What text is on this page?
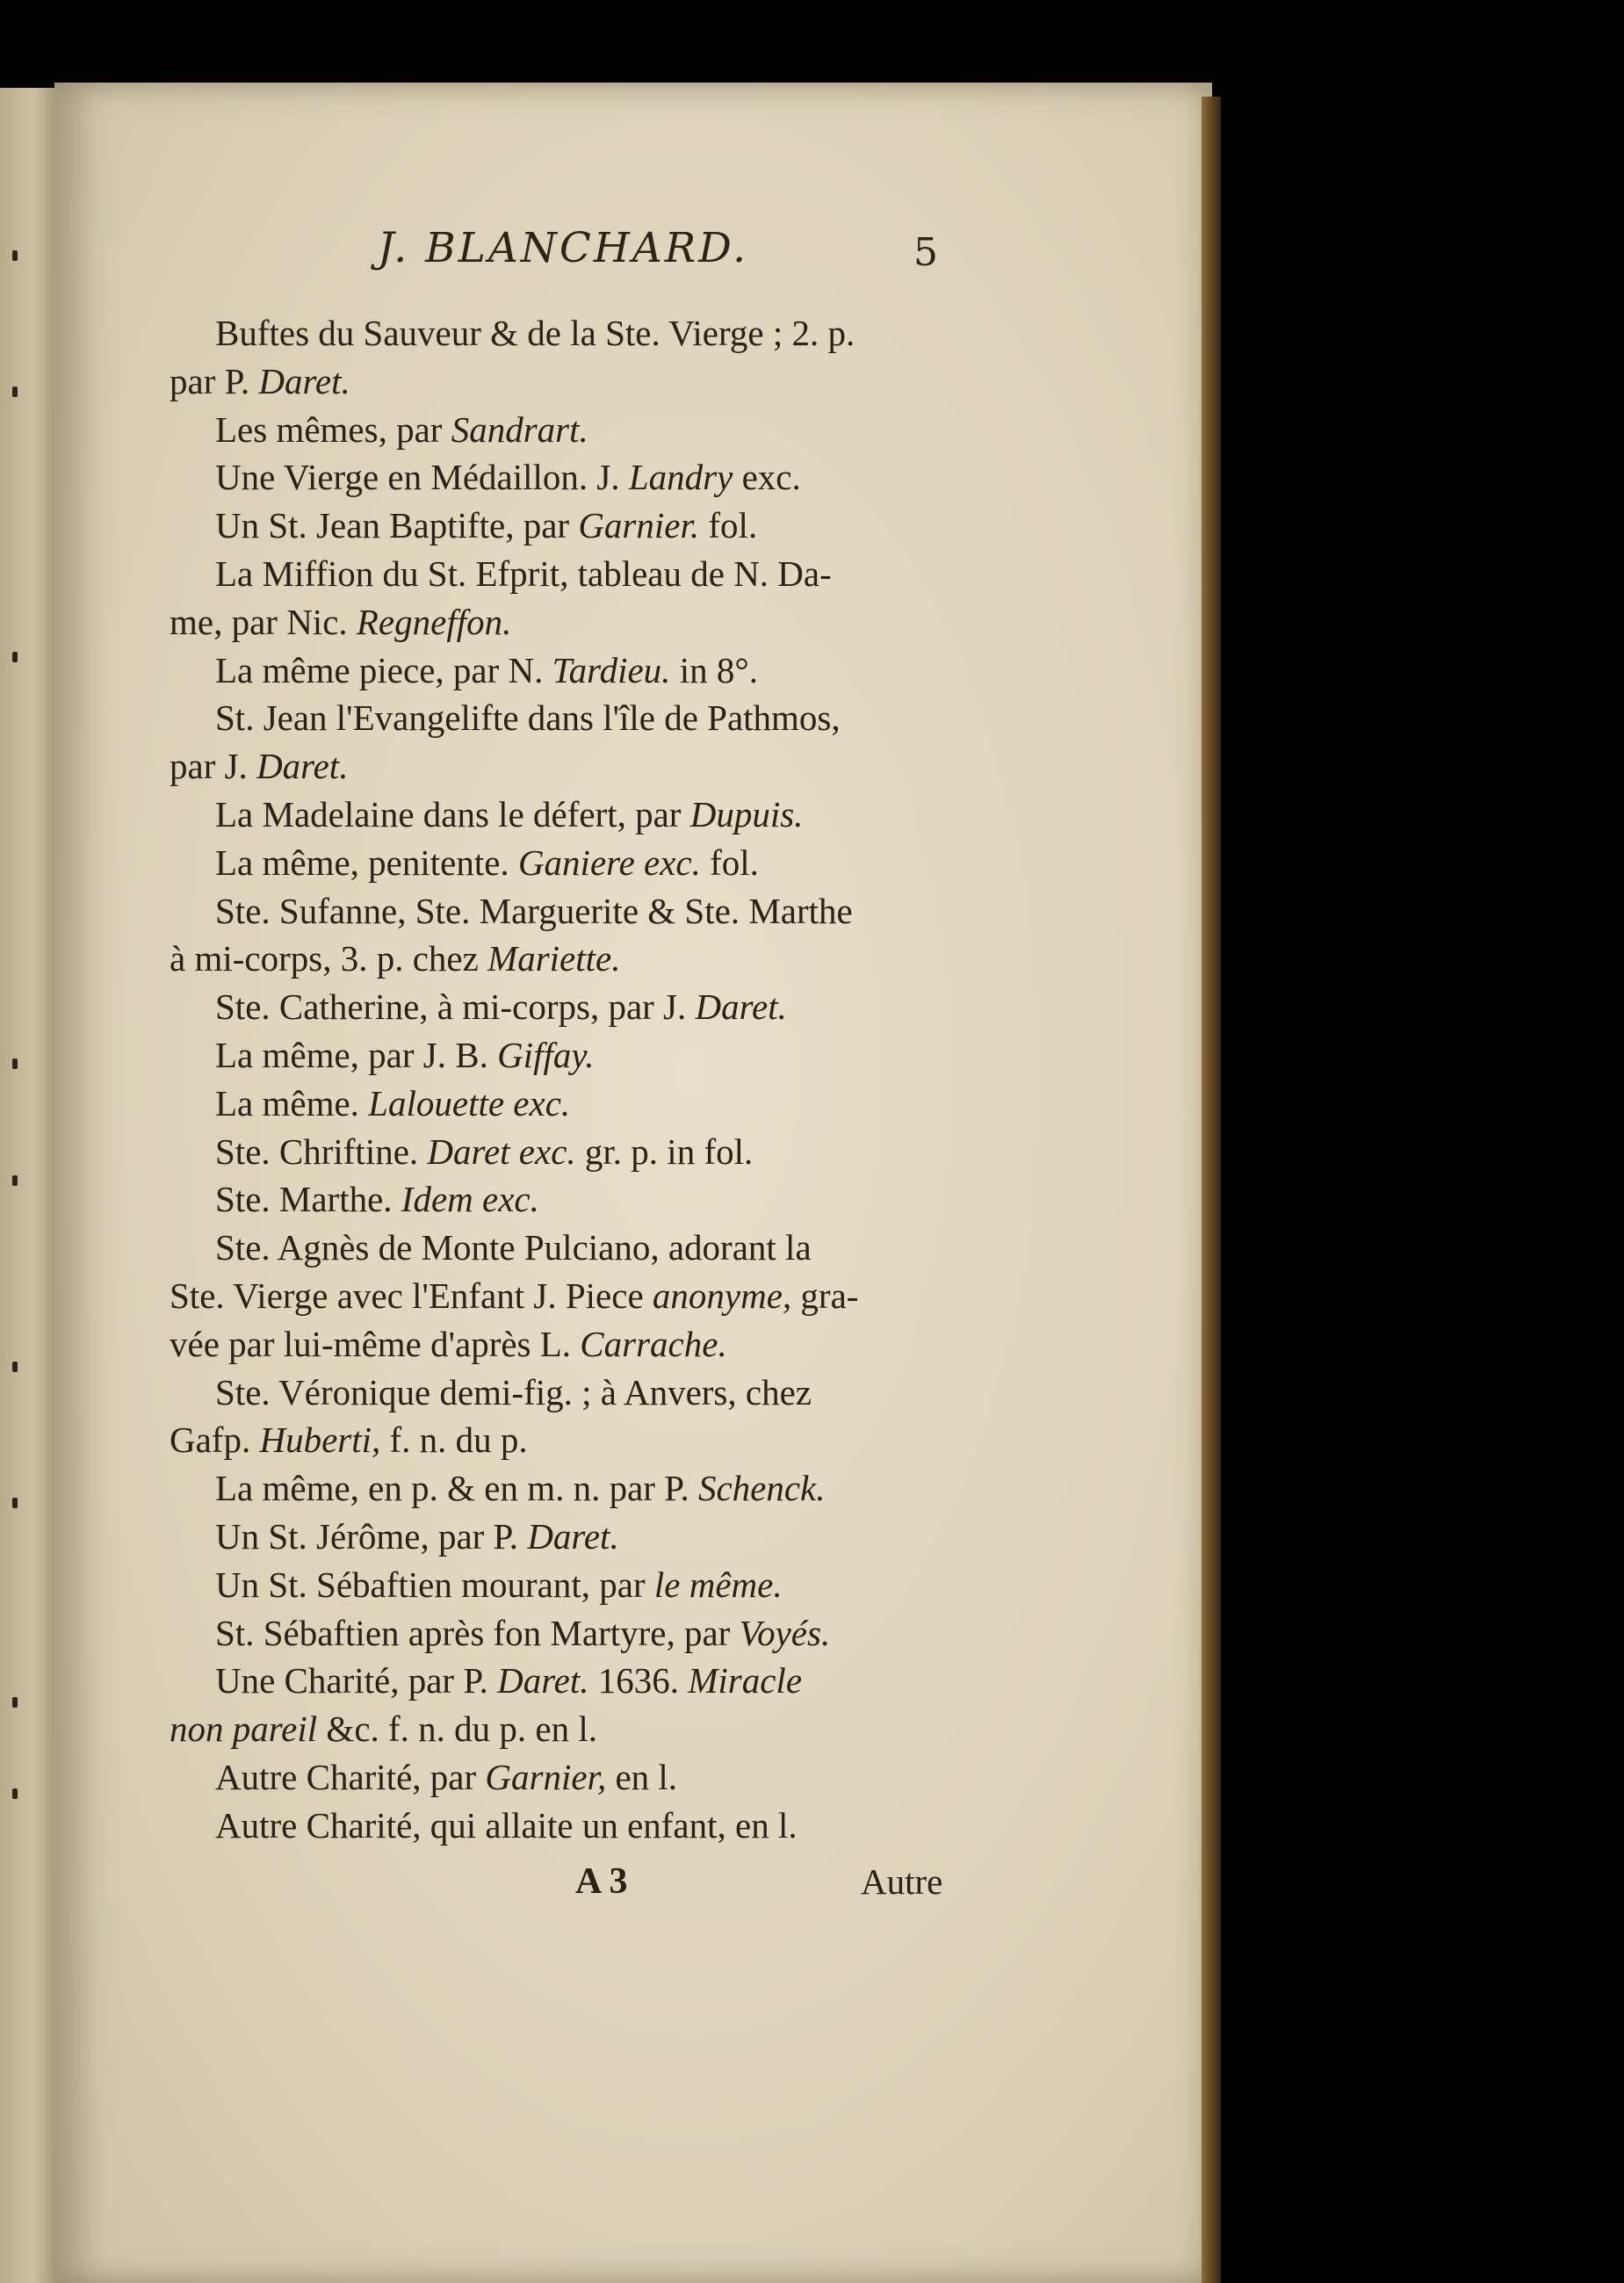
J. BLANCHARD.	5
Buftes du Sauveur & de la Ste. Vierge ; 2. p.
par P. Daret.
Les mêmes, par Sandrart.
Une Vierge en Médaillon. J. Landry exc.
Un St. Jean Baptifte, par Garnier. fol.
La Miffion du St. Efprit, tableau de N. Da-
me, par Nic. Regneffon.
La même piece, par N. Tardieu. in 8°.
St. Jean l'Evangelifte dans l'île de Pathmos,
par J. Daret.
La Madelaine dans le défert, par Dupuis.
La même, penitente. Ganiere exc. fol.
Ste. Sufanne, Ste. Marguerite & Ste. Marthe
à mi-corps, 3. p. chez Mariette.
Ste. Catherine, à mi-corps, par J. Daret.
La même, par J. B. Giffay.
La même. Lalouette exc.
Ste. Chriftine. Daret exc. gr. p. in fol.
Ste. Marthe. Idem exc.
Ste. Agnès de Monte Pulciano, adorant la
Ste. Vierge avec l'Enfant J. Piece anonyme, gra-
vée par lui-même d'après L. Carrache.
Ste. Véronique demi-fig. ; à Anvers, chez
Gafp. Huberti, f. n. du p.
La même, en p. & en m. n. par P. Schenck.
Un St. Jérôme, par P. Daret.
Un St. Sébaftien mourant, par le même.
St. Sébaftien après fon Martyre, par Voyés.
Une Charité, par P. Daret. 1636. Miracle
non pareil &c. f. n. du p. en l.
Autre Charité, par Garnier, en l.
Autre Charité, qui allaite un enfant, en l.
A 3	Autre
